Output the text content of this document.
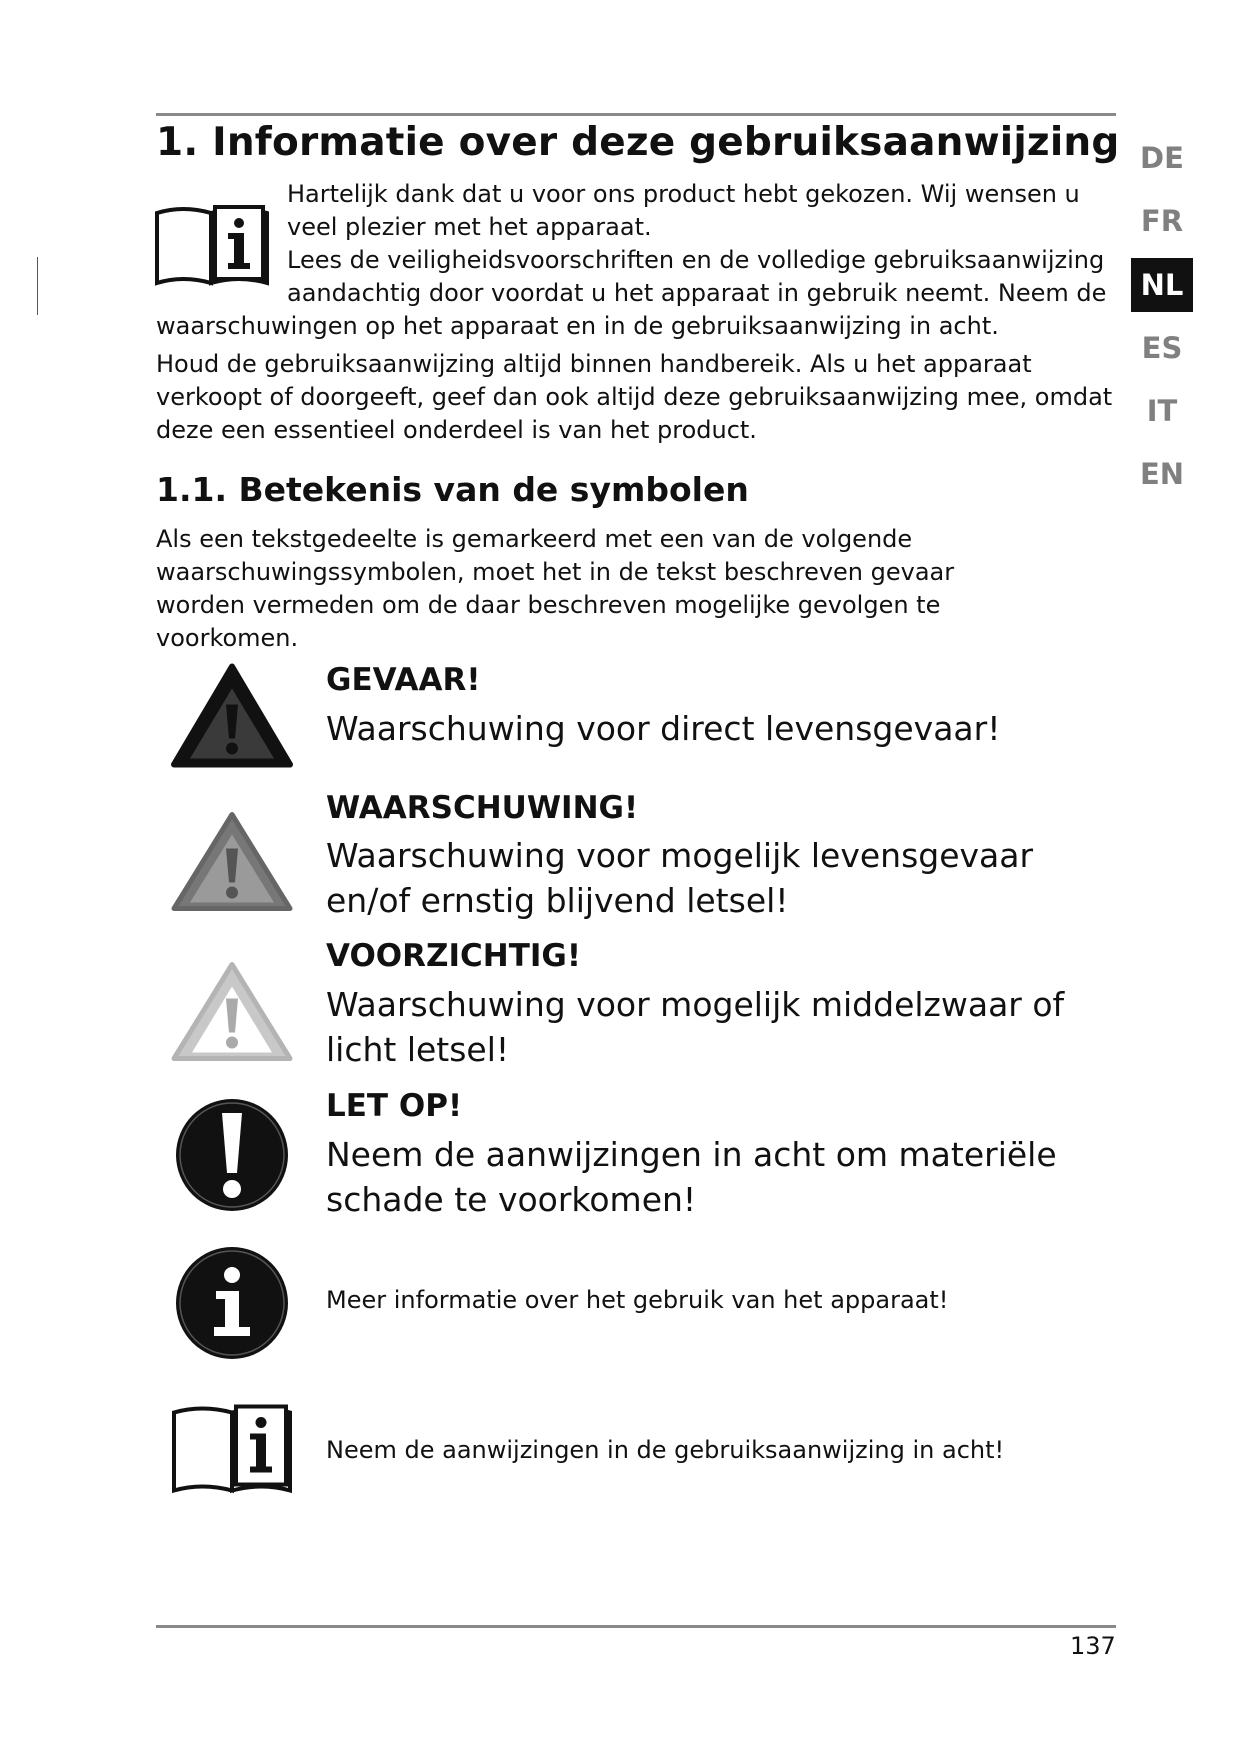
DE
FR
NL
ES
IT
EN
1. Informatie over deze gebruiksaanwijzing
Hartelijk dank dat u voor ons product hebt gekozen. Wij wensen u veel plezier met het apparaat.
Lees de veiligheidsvoorschriften en de volledige gebruiksaanwijzing aandachtig door voordat u het apparaat in gebruik neemt. Neem de
waarschuwingen op het apparaat en in de gebruiksaanwijzing in acht.
Houd de gebruiksaanwijzing altijd binnen handbereik. Als u het apparaat verkoopt of doorgeeft, geef dan ook altijd deze gebruiksaanwijzing mee, omdat deze een essentieel onderdeel is van het product.
1.1. Betekenis van de symbolen
Als een tekstgedeelte is gemarkeerd met een van de volgende waarschuwingssymbolen, moet het in de tekst beschreven gevaar worden vermeden om de daar beschreven mogelijke gevolgen te voorkomen.
GEVAAR!
Waarschuwing voor direct levensgevaar!
WAARSCHUWING!
Waarschuwing voor mogelijk levensgevaar en/of ernstig blijvend letsel!
VOORZICHTIG!
Waarschuwing voor mogelijk middelzwaar of licht letsel!
LET OP!
Neem de aanwijzingen in acht om materiële schade te voorkomen!
Meer informatie over het gebruik van het apparaat!
Neem de aanwijzingen in de gebruiksaanwijzing in acht!
137
